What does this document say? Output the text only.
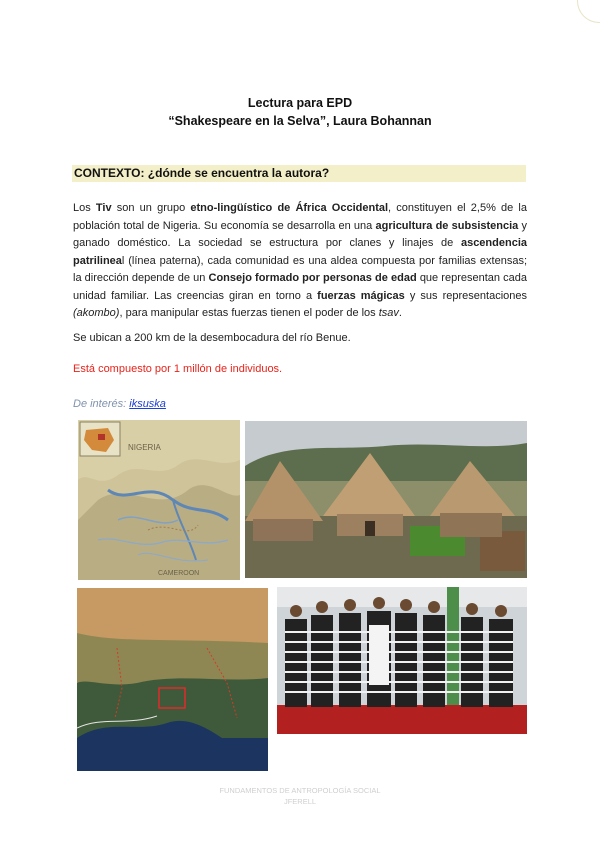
Lectura para EPD
“Shakespeare en la Selva”, Laura Bohannan
CONTEXTO: ¿dónde se encuentra la autora?
Los Tiv son un grupo etno-lingüístico de África Occidental, constituyen el 2,5% de la población total de Nigeria. Su economía se desarrolla en una agricultura de subsistencia y ganado doméstico. La sociedad se estructura por clanes y linajes de ascendencia patrilineal (línea paterna), cada comunidad es una aldea compuesta por familias extensas; la dirección depende de un Consejo formado por personas de edad que representan cada unidad familiar. Las creencias giran en torno a fuerzas mágicas y sus representaciones (akombo), para manipular estas fuerzas tienen el poder de los tsav.
Se ubican a 200 km de la desembocadura del río Benue.
Está compuesto por 1 millón de individuos.
De interés: iksuska
NIGERIA
CAMEROON
FUNDAMENTOS DE ANTROPOLOGÍA SOCIAL
JFERELL
